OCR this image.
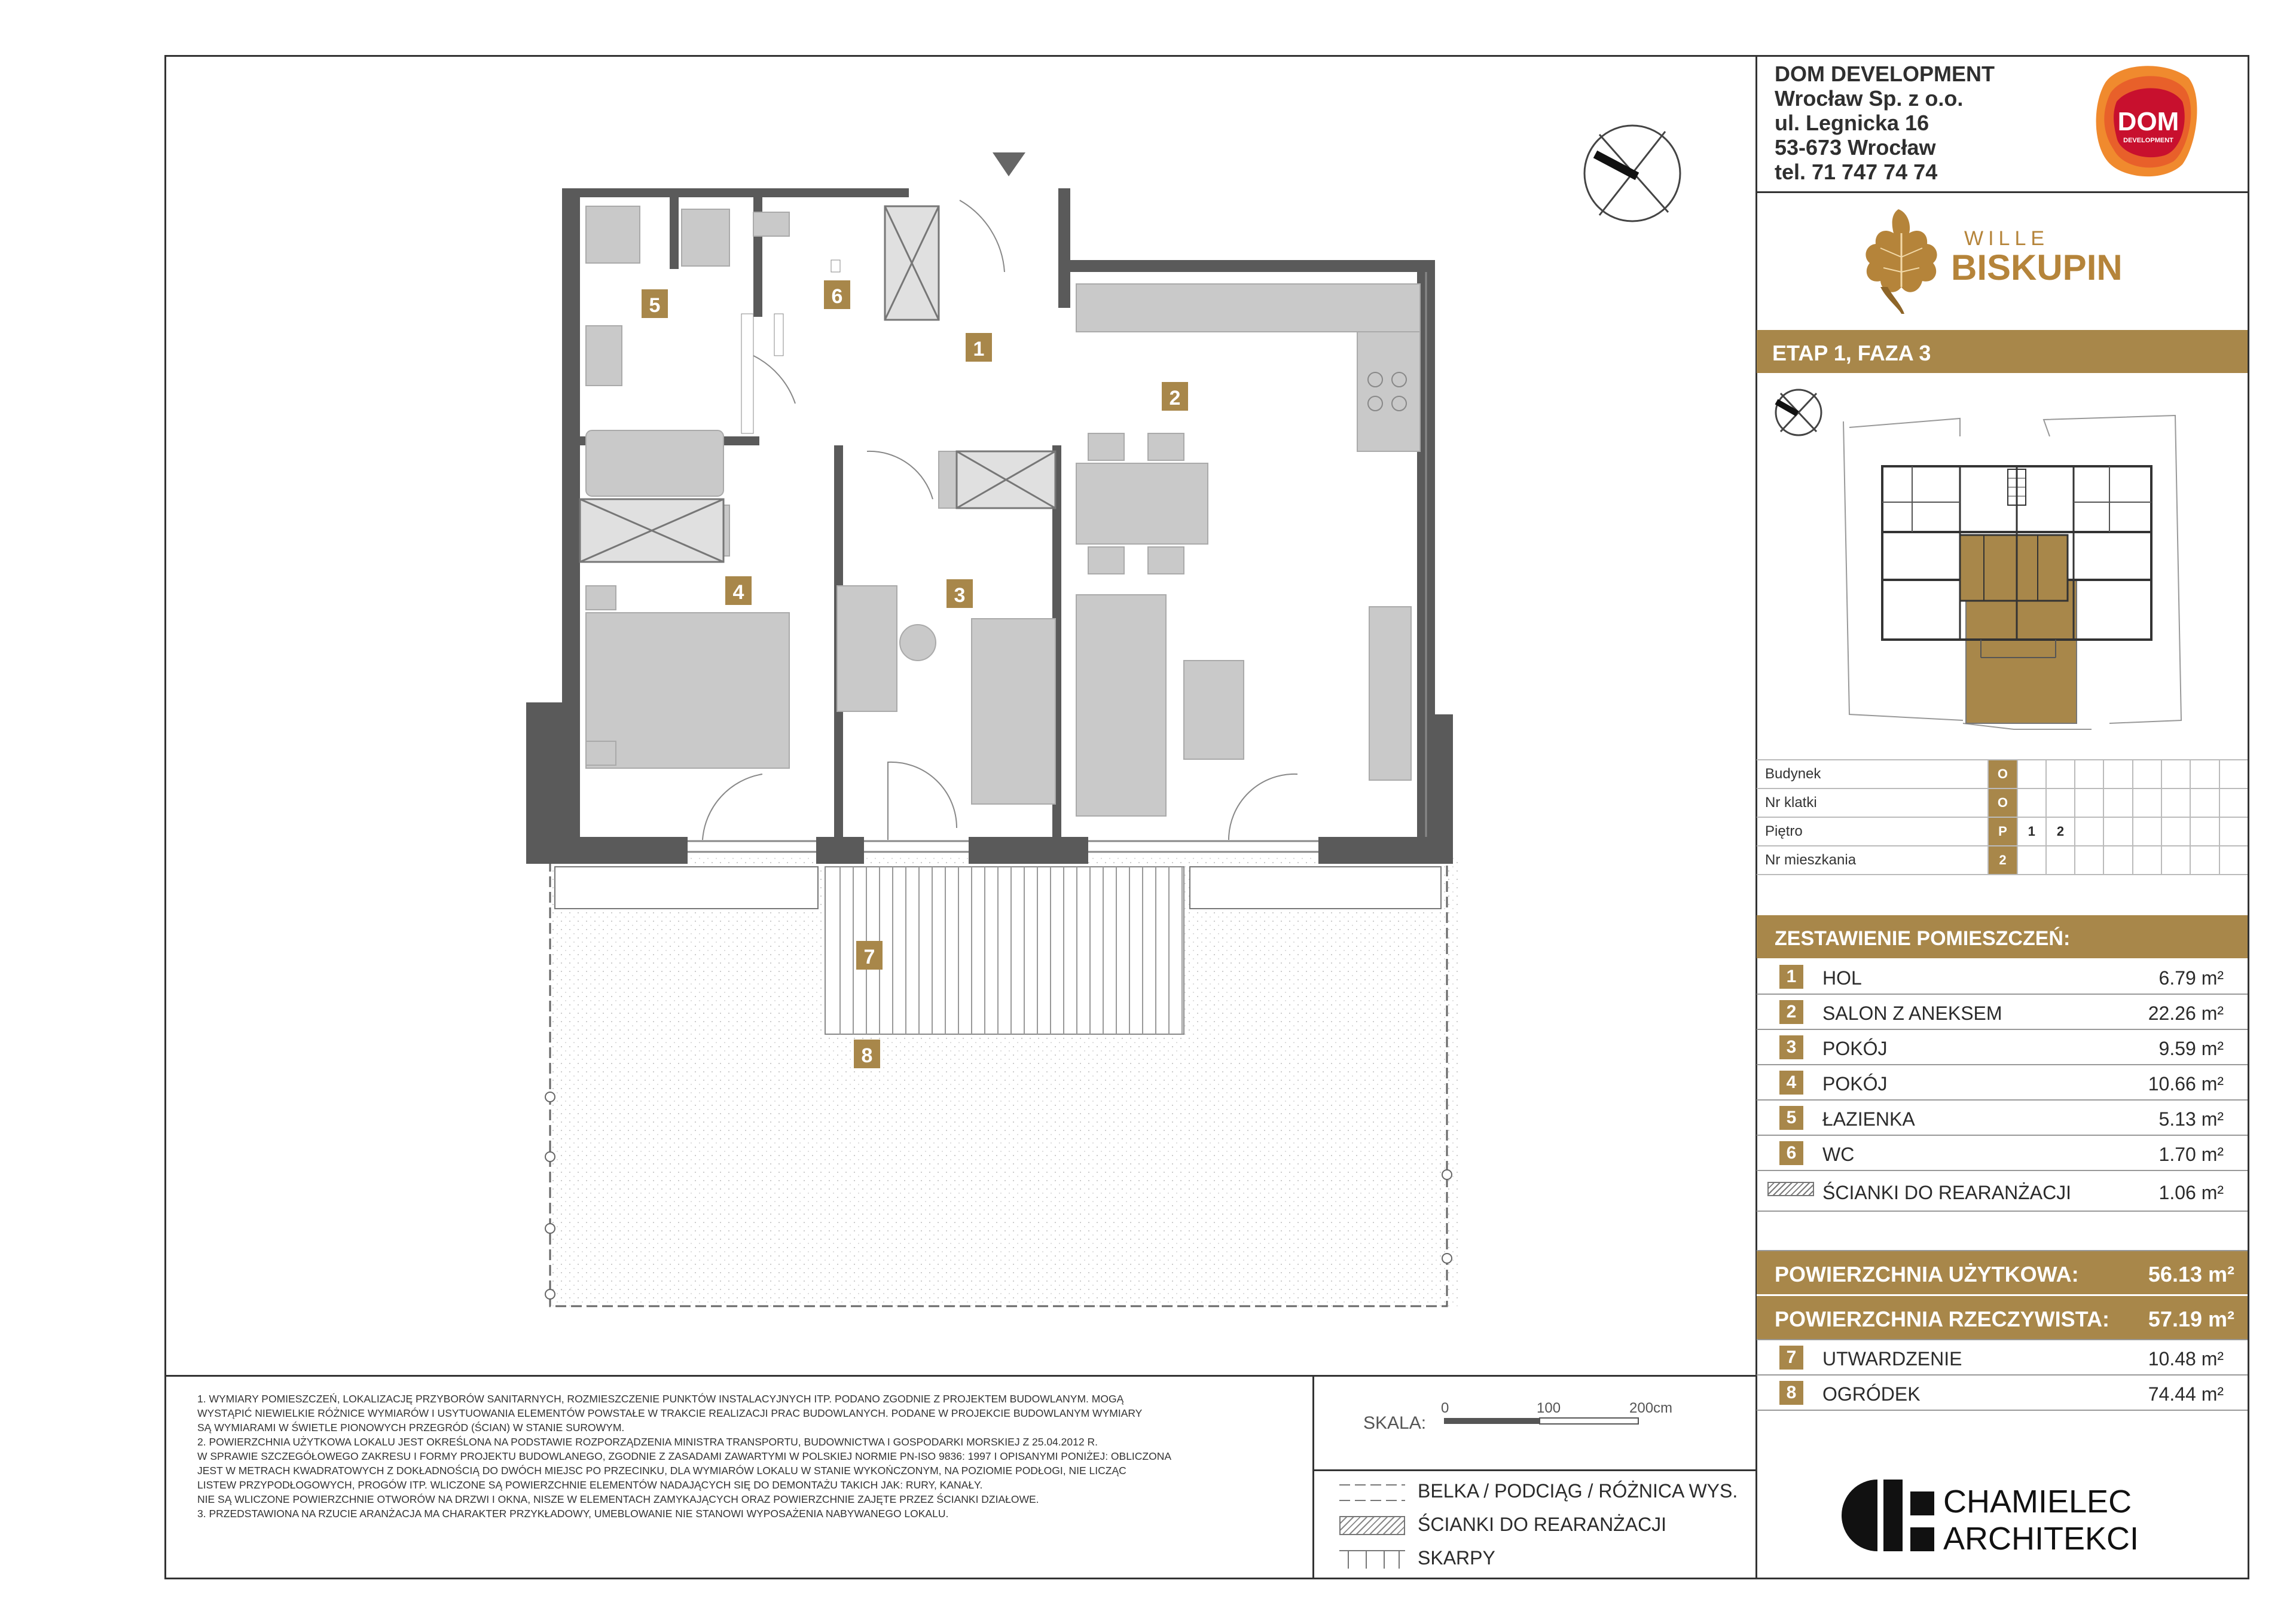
DOM DEVELOPMENT
Wrocław Sp. z o.o.
ul. Legnicka 16
53-673 Wrocław
tel. 71 747 74 74
DOM
DEVELOPMENT
WILLE
BISKUPIN
ETAP 1, FAZA 3
Budynek	O								
Nr klatki	O								
Piętro	P	1	2						
Nr mieszkania	2								
ZESTAWIENIE POMIESZCZEŃ:
1	HOL	6.79 m²
2	SALON Z ANEKSEM	22.26 m²
3	POKÓJ	9.59 m²
4	POKÓJ	10.66 m²
5	ŁAZIENKA	5.13 m²
6	WC	1.70 m²
ŚCIANKI DO REARANŻACJI	1.06 m²
POWIERZCHNIA UŻYTKOWA:	56.13 m²
POWIERZCHNIA RZECZYWISTA: 57.19 m²
7	UTWARDZENIE	10.48 m²
8	OGRÓDEK	74.44 m²
1
2
3
4
5	6
7
8
1. WYMIARY POMIESZCZEŃ, LOKALIZACJĘ PRZYBORÓW SANITARNYCH, ROZMIESZCZENIE PUNKTÓW INSTALACYJNYCH ITP. PODANO ZGODNIE Z PROJEKTEM BUDOWLANYM. MOGĄ
WYSTĄPIĆ NIEWIELKIE RÓŻNICE WYMIARÓW I USYTUOWANIA ELEMENTÓW POWSTAŁE W TRAKCIE REALIZACJI PRAC BUDOWLANYCH. PODANE W PROJEKCIE BUDOWLANYM WYMIARY
SĄ WYMIARAMI W ŚWIETLE PIONOWYCH PRZEGRÓD (ŚCIAN) W STANIE SUROWYM.
2. POWIERZCHNIA UŻYTKOWA LOKALU JEST OKREŚLONA NA PODSTAWIE ROZPORZĄDZENIA MINISTRA TRANSPORTU, BUDOWNICTWA I GOSPODARKI MORSKIEJ Z 25.04.2012 R.
W SPRAWIE SZCZEGÓŁOWEGO ZAKRESU I FORMY PROJEKTU BUDOWLANEGO, ZGODNIE Z ZASADAMI ZAWARTYMI W POLSKIEJ NORMIE PN-ISO 9836: 1997 I OPISANYMI PONIŻEJ: OBLICZONA
JEST W METRACH KWADRATOWYCH Z DOKŁADNOŚCIĄ DO DWÓCH MIEJSC PO PRZECINKU, DLA WYMIARÓW LOKALU W STANIE WYKOŃCZONYM, NA POZIOMIE PODŁOGI, NIE LICZĄC
LISTEW PRZYPODŁOGOWYCH, PROGÓW ITP. WLICZONE SĄ POWIERZCHNIE ELEMENTÓW NADAJĄCYCH SIĘ DO DEMONTAŻU TAKICH JAK: RURY, KANAŁY.
NIE SĄ WLICZONE POWIERZCHNIE OTWORÓW NA DRZWI I OKNA, NISZE W ELEMENTACH ZAMYKAJĄCYCH ORAZ POWIERZCHNIE ZAJĘTE PRZEZ ŚCIANKI DZIAŁOWE.
3. PRZEDSTAWIONA NA RZUCIE ARANŻACJA MA CHARAKTER PRZYKŁADOWY, UMEBLOWANIE NIE STANOWI WYPOSAŻENIA NABYWANEGO LOKALU.
SKALA:
0	100	200cm
BELKA / PODCIĄG / RÓŻNICA WYS.
ŚCIANKI DO REARANŻACJI
SKARPY
CHAMIELEC
ARCHITEKCI
